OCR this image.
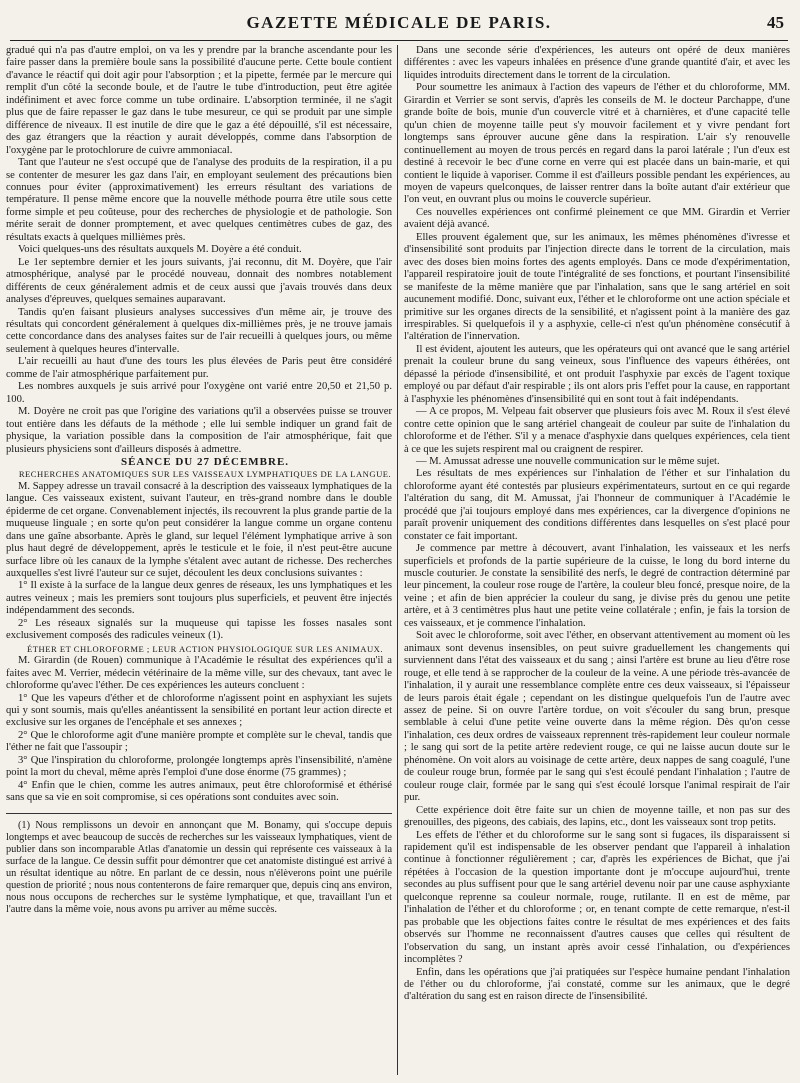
GAZETTE MÉDICALE DE PARIS.	45

gradué qui n'a pas d'autre emploi, on va les y prendre par la branche ascendante pour les faire passer dans la première boule sans la possibilité d'aucune perte. Cette boule contient d'avance le réactif qui doit agir pour l'absorption ; et la pipette, fermée par le mercure qui remplit d'un côté la seconde boule, et de l'autre le tube d'introduction, peut être agitée indéfiniment et avec force comme un tube ordinaire. L'absorption terminée, il ne s'agit plus que de faire repasser le gaz dans le tube mesureur, ce qui se produit par une simple différence de niveaux. Il est inutile de dire que le gaz a été dépouillé, s'il est nécessaire, des gaz étrangers que la réaction y aurait développés, comme dans l'absorption de l'oxygène par le protochlorure de cuivre ammoniacal.

Tant que l'auteur ne s'est occupé que de l'analyse des produits de la respiration, il a pu se contenter de mesurer les gaz dans l'air, en employant seulement des précautions bien connues pour éviter (approximativement) les erreurs résultant des variations de température. Il pense même encore que la nouvelle méthode pourra être utile sous cette forme simple et peu coûteuse, pour des recherches de physiologie et de pathologie. Son mérite serait de donner promptement, et avec quelques centimètres cubes de gaz, des résultats exacts à quelques millièmes près.

Voici quelques-uns des résultats auxquels M. Doyère a été conduit.

Le 1er septembre dernier et les jours suivants, j'ai reconnu, dit M. Doyère, que l'air atmosphérique, analysé par le procédé nouveau, donnait des nombres notablement différents de ceux généralement admis et de ceux aussi que j'avais trouvés dans deux analyses d'épreuves, quelques semaines auparavant.

Tandis qu'en faisant plusieurs analyses successives d'un même air, je trouve des résultats qui concordent généralement à quelques dix-millièmes près, je ne trouve jamais cette concordance dans des analyses faites sur de l'air recueilli à quelques jours, ou même seulement à quelques heures d'intervalle.

L'air recueilli au haut d'une des tours les plus élevées de Paris peut être considéré comme de l'air atmosphérique parfaitement pur.

Les nombres auxquels je suis arrivé pour l'oxygène ont varié entre 20,50 et 21,50 p. 100.

M. Doyère ne croit pas que l'origine des variations qu'il a observées puisse se trouver tout entière dans les défauts de la méthode ; elle lui semble indiquer un grand fait de physique, la variation possible dans la composition de l'air atmosphérique, fait que plusieurs physiciens sont d'ailleurs disposés à admettre.

SÉANCE DU 27 DÉCEMBRE.

RECHERCHES ANATOMIQUES SUR LES VAISSEAUX LYMPHATIQUES DE LA LANGUE.

M. Sappey adresse un travail consacré à la description des vaisseaux lymphatiques de la langue. Ces vaisseaux existent, suivant l'auteur, en très-grand nombre dans le double épiderme de cet organe. Convenablement injectés, ils recouvrent la plus grande partie de la muqueuse linguale ; en sorte qu'on peut considérer la langue comme un organe contenu dans une gaîne absorbante. Après le gland, sur lequel l'élément lymphatique arrive à son plus haut degré de développement, après le testicule et le foie, il n'est peut-être aucune surface libre où les canaux de la lymphe s'étalent avec autant de richesse. Des recherches auxquelles s'est livré l'auteur sur ce sujet, découlent les deux conclusions suivantes :

1° Il existe à la surface de la langue deux genres de réseaux, les uns lymphatiques et les autres veineux ; mais les premiers sont toujours plus superficiels, et peuvent être injectés indépendamment des seconds.

2° Les réseaux signalés sur la muqueuse qui tapisse les fosses nasales sont exclusivement composés des radicules veineux (1).

ÉTHER ET CHLOROFORME ; LEUR ACTION PHYSIOLOGIQUE SUR LES ANIMAUX.

M. Girardin (de Rouen) communique à l'Académie le résultat des expériences qu'il a faites avec M. Verrier, médecin vétérinaire de la même ville, sur des chevaux, tant avec le chloroforme qu'avec l'éther. De ces expériences les auteurs concluent :

1° Que les vapeurs d'éther et de chloroforme n'agissent point en asphyxiant les sujets qui y sont soumis, mais qu'elles anéantissent la sensibilité en portant leur action directe et exclusive sur les organes de l'encéphale et ses annexes ;

2° Que le chloroforme agit d'une manière prompte et complète sur le cheval, tandis que l'éther ne fait que l'assoupir ;

3° Que l'inspiration du chloroforme, prolongée longtemps après l'insensibilité, n'amène point la mort du cheval, même après l'emploi d'une dose énorme (75 grammes) ;

4° Enfin que le chien, comme les autres animaux, peut être chloroformisé et éthérisé sans que sa vie en soit compromise, si ces opérations sont conduites avec soin.

(1) Nous remplissons un devoir en annonçant que M. Bonamy, qui s'occupe depuis longtemps et avec beaucoup de succès de recherches sur les vaisseaux lymphatiques, vient de publier dans son incomparable Atlas d'anatomie un dessin qui représente ces vaisseaux à la surface de la langue. Ce dessin suffit pour démontrer que cet anatomiste distingué est arrivé à un résultat identique au nôtre. En parlant de ce dessin, nous n'élèverons point une puérile question de priorité ; nous nous contenterons de faire remarquer que, depuis cinq ans environ, nous nous occupons de recherches sur le système lymphatique, et que, travaillant l'un et l'autre dans la même voie, nous avons pu arriver au même succès.

Dans une seconde série d'expériences, les auteurs ont opéré de deux manières différentes : avec les vapeurs inhalées en présence d'une grande quantité d'air, et avec les liquides introduits directement dans le torrent de la circulation.

Pour soumettre les animaux à l'action des vapeurs de l'éther et du chloroforme, MM. Girardin et Verrier se sont servis, d'après les conseils de M. le docteur Parchappe, d'une grande boîte de bois, munie d'un couvercle vitré et à charnières, et d'une capacité telle qu'un chien de moyenne taille peut s'y mouvoir facilement et y vivre pendant fort longtemps sans éprouver aucune gêne dans la respiration. L'air s'y renouvelle continuellement au moyen de trous percés en regard dans la paroi latérale ; l'un d'eux est destiné à recevoir le bec d'une corne en verre qui est placée dans un bain-marie, et qui contient le liquide à vaporiser. Comme il est d'ailleurs possible pendant les expériences, au moyen de vapeurs quelconques, de laisser rentrer dans la boîte autant d'air extérieur que l'on veut, en ouvrant plus ou moins le couvercle supérieur.

Ces nouvelles expériences ont confirmé pleinement ce que MM. Girardin et Verrier avaient déjà avancé.

Elles prouvent également que, sur les animaux, les mêmes phénomènes d'ivresse et d'insensibilité sont produits par l'injection directe dans le torrent de la circulation, mais avec des doses bien moins fortes des agents employés. Dans ce mode d'expérimentation, l'appareil respiratoire jouit de toute l'intégralité de ses fonctions, et pourtant l'insensibilité se manifeste de la même manière que par l'inhalation, sans que le sang artériel en soit aucunement modifié. Donc, suivant eux, l'éther et le chloroforme ont une action spéciale et primitive sur les organes directs de la sensibilité, et n'agissent point à la manière des gaz irrespirables. Si quelquefois il y a asphyxie, celle-ci n'est qu'un phénomène consécutif à l'altération de l'innervation.

Il est évident, ajoutent les auteurs, que les opérateurs qui ont avancé que le sang artériel prenait la couleur brune du sang veineux, sous l'influence des vapeurs éthérées, ont dépassé la période d'insensibilité, et ont produit l'asphyxie par excès de l'agent toxique employé ou par défaut d'air respirable ; ils ont alors pris l'effet pour la cause, en rapportant à l'asphyxie les phénomènes d'insensibilité qui en sont tout à fait indépendants.

— A ce propos, M. Velpeau fait observer que plusieurs fois avec M. Roux il s'est élevé contre cette opinion que le sang artériel changeait de couleur par suite de l'inhalation du chloroforme et de l'éther. S'il y a menace d'asphyxie dans quelques expériences, cela tient à ce que les sujets respirent mal ou craignent de respirer.

— M. Amussat adresse une nouvelle communication sur le même sujet.

Les résultats de mes expériences sur l'inhalation de l'éther et sur l'inhalation du chloroforme ayant été contestés par plusieurs expérimentateurs, surtout en ce qui regarde l'altération du sang, dit M. Amussat, j'ai l'honneur de communiquer à l'Académie le procédé que j'ai toujours employé dans mes expériences, car la divergence d'opinions ne paraît provenir uniquement des conditions différentes dans lesquelles on s'est placé pour constater ce fait important.

Je commence par mettre à découvert, avant l'inhalation, les vaisseaux et les nerfs superficiels et profonds de la partie supérieure de la cuisse, le long du bord interne du muscle couturier. Je constate la sensibilité des nerfs, le degré de contraction déterminé par leur pincement, la couleur rose rouge de l'artère, la couleur bleu foncé, presque noire, de la veine ; et afin de bien apprécier la couleur du sang, je divise près du genou une petite artère, et à 3 centimètres plus haut une petite veine collatérale ; enfin, je fais la torsion de ces vaisseaux, et je commence l'inhalation.

Soit avec le chloroforme, soit avec l'éther, en observant attentivement au moment où les animaux sont devenus insensibles, on peut suivre graduellement les changements qui surviennent dans l'état des vaisseaux et du sang ; ainsi l'artère est brune au lieu d'être rose rouge, et elle tend à se rapprocher de la couleur de la veine. A une période très-avancée de l'inhalation, il y aurait une ressemblance complète entre ces deux vaisseaux, si l'épaisseur de leurs parois était égale ; cependant on les distingue quelquefois l'un de l'autre avec assez de peine. Si on ouvre l'artère tordue, on voit s'écouler du sang brun, presque semblable à celui d'une petite veine ouverte dans la même région. Dès qu'on cesse l'inhalation, ces deux ordres de vaisseaux reprennent très-rapidement leur couleur normale ; le sang qui sort de la petite artère redevient rouge, ce qui ne laisse aucun doute sur le phénomène. On voit alors au voisinage de cette artère, deux nappes de sang coagulé, l'une de couleur rouge brun, formée par le sang qui s'est écoulé pendant l'inhalation ; l'autre de couleur rouge clair, formée par le sang qui s'est écoulé lorsque l'animal respirait de l'air pur.

Cette expérience doit être faite sur un chien de moyenne taille, et non pas sur des grenouilles, des pigeons, des cabiais, des lapins, etc., dont les vaisseaux sont trop petits.

Les effets de l'éther et du chloroforme sur le sang sont si fugaces, ils disparaissent si rapidement qu'il est indispensable de les observer pendant que l'appareil à inhalation continue à fonctionner régulièrement ; car, d'après les expériences de Bichat, que j'ai répétées à l'occasion de la question importante dont je m'occupe aujourd'hui, trente secondes au plus suffisent pour que le sang artériel devenu noir par une cause asphyxiante quelconque reprenne sa couleur normale, rouge, rutilante. Il en est de même, par l'inhalation de l'éther et du chloroforme ; or, en tenant compte de cette remarque, n'est-il pas probable que les objections faites contre le résultat de mes expériences et des faits observés sur l'homme ne reconnaissent d'autres causes que celles qui résultent de l'observation du sang, un instant après avoir cessé l'inhalation, ou d'expériences incomplètes ?

Enfin, dans les opérations que j'ai pratiquées sur l'espèce humaine pendant l'inhalation de l'éther ou du chloroforme, j'ai constaté, comme sur les animaux, que le degré d'altération du sang est en raison directe de l'insensibilité.
